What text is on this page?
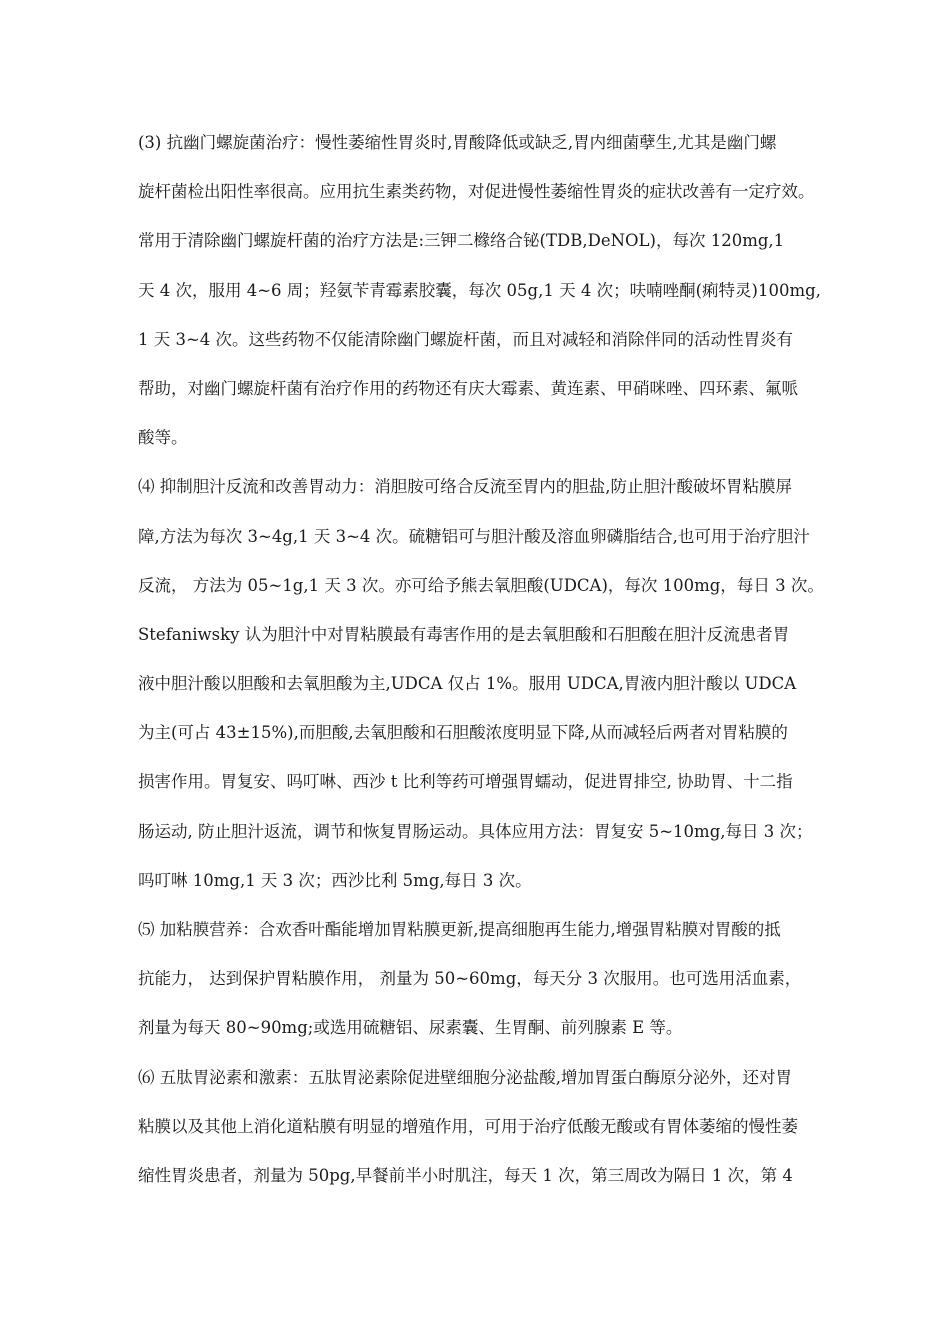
(3) 抗幽门螺旋菌治疗：慢性萎缩性胃炎时,胃酸降低或缺乏,胃内细菌孽生,尤其是幽门螺
旋杆菌检出阳性率很高。应用抗生素类药物，对促进慢性萎缩性胃炎的症状改善有一定疗效。
常用于清除幽门螺旋杆菌的治疗方法是:三钾二橼络合铋(TDB,DeNOL)，每次 120mg,1
天 4 次，服用 4~6 周；羟氨苄青霉素胶囊，每次 05g,1 天 4 次；呋喃唑酮(痢特灵)100mg,
1 天 3~4 次。这些药物不仅能清除幽门螺旋杆菌，而且对减轻和消除伴同的活动性胃炎有
帮助，对幽门螺旋杆菌有治疗作用的药物还有庆大霉素、黄连素、甲硝咪唑、四环素、氟哌
酸等。
⑷ 抑制胆汁反流和改善胃动力：消胆胺可络合反流至胃内的胆盐,防止胆汁酸破坏胃粘膜屏
障,方法为每次 3~4g,1 天 3~4 次。硫糖铝可与胆汁酸及溶血卵磷脂结合,也可用于治疗胆汁
反流， 方法为 05~1g,1 天 3 次。亦可给予熊去氧胆酸(UDCA)，每次 100mg，每日 3 次。
Stefaniwsky 认为胆汁中对胃粘膜最有毒害作用的是去氧胆酸和石胆酸在胆汁反流患者胃
液中胆汁酸以胆酸和去氧胆酸为主,UDCA 仅占 1%。服用 UDCA,胃液内胆汁酸以 UDCA
为主(可占 43±15%),而胆酸,去氧胆酸和石胆酸浓度明显下降,从而减轻后两者对胃粘膜的
损害作用。胃复安、吗叮啉、西沙 t 比利等药可增强胃蠕动，促进胃排空, 协助胃、十二指
肠运动, 防止胆汁返流，调节和恢复胃肠运动。具体应用方法：胃复安 5~10mg,每日 3 次；
吗叮啉 10mg,1 天 3 次；西沙比利 5mg,每日 3 次。
⑸ 加粘膜营养：合欢香叶酯能增加胃粘膜更新,提高细胞再生能力,增强胃粘膜对胃酸的抵
抗能力， 达到保护胃粘膜作用， 剂量为 50~60mg，每天分 3 次服用。也可选用活血素，
剂量为每天 80~90mg;或选用硫糖铝、尿素囊、生胃酮、前列腺素 E 等。
⑹ 五肽胃泌素和激素：五肽胃泌素除促进壁细胞分泌盐酸,增加胃蛋白酶原分泌外，还对胃
粘膜以及其他上消化道粘膜有明显的增殖作用，可用于治疗低酸无酸或有胃体萎缩的慢性萎
缩性胃炎患者，剂量为 50pg,早餐前半小时肌注，每天 1 次，第三周改为隔日 1 次，第 4
